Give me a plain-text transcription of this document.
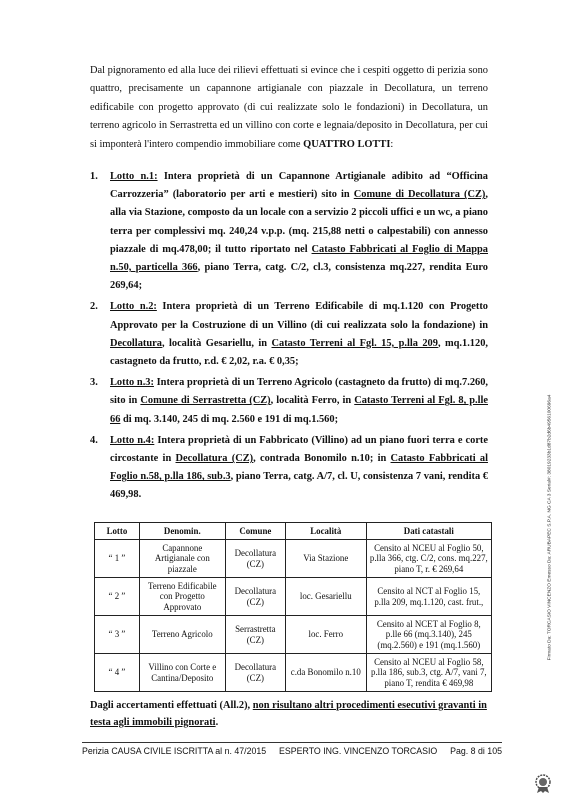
Dal pignoramento ed alla luce dei rilievi effettuati si evince che i cespiti oggetto di perizia sono quattro, precisamente un capannone artigianale con piazzale in Decollatura, un terreno edificabile con progetto approvato (di cui realizzate solo le fondazioni) in Decollatura, un terreno agricolo in Serrastretta ed un villino con corte e legnaia/deposito in Decollatura, per cui si imponterà l'intero compendio immobiliare come QUATTRO LOTTI:
1.	Lotto n.1: Intera proprietà di un Capannone Artigianale adibito ad “Officina Carrozzeria” (laboratorio per arti e mestieri) sito in Comune di Decollatura (CZ), alla via Stazione, composto da un locale con a servizio 2 piccoli uffici e un wc, a piano terra per complessivi mq. 240,24 v.p.p. (mq. 215,88 netti o calpestabili) con annesso piazzale di mq.478,00; il tutto riportato nel Catasto Fabbricati al Foglio di Mappa n.50, particella 366, piano Terra, catg. C/2, cl.3, consistenza mq.227, rendita Euro 269,64;
2.	Lotto n.2: Intera proprietà di un Terreno Edificabile di mq.1.120 con Progetto Approvato per la Costruzione di un Villino (di cui realizzata solo la fondazione) in Decollatura, località Gesariellu, in Catasto Terreni al Fgl. 15, p.lla 209, mq.1.120, castagneto da frutto, r.d. € 2,02, r.a. € 0,35;
3.	Lotto n.3: Intera proprietà di un Terreno Agricolo (castagneto da frutto) di mq.7.260, sito in Comune di Serrastretta (CZ), località Ferro, in Catasto Terreni al Fgl. 8, p.lle 66 di mq. 3.140, 245 di mq. 2.560 e 191 di mq.1.560;
4.	Lotto n.4: Intera proprietà di un Fabbricato (Villino) ad un piano fuori terra e corte circostante in Decollatura (CZ), contrada Bonomilo n.10; in Catasto Fabbricati al Foglio n.58, p.lla 186, sub.3, piano Terra, catg. A/7, cl. U, consistenza 7 vani, rendita € 469,98.
Lotto	Denomin.	Comune	Località	Dati catastali
“ 1 ”	Capannone Artigianale con piazzale	Decollatura (CZ)	Via Stazione	Censito al NCEU al Foglio 50, p.lla 366, ctg. C/2, cons. mq.227, piano T, r. € 269,64
“ 2 ”	Terreno Edificabile con Progetto Approvato	Decollatura (CZ)	loc. Gesariellu	Censito al NCT al Foglio 15, p.lla 209, mq.1.120, cast. frut.,
“ 3 ”	Terreno Agricolo	Serrastretta (CZ)	loc. Ferro	Censito al NCET al Foglio 8, p.lle 66 (mq.3.140), 245 (mq.2.560) e 191 (mq.1.560)
“ 4 ”	Villino con Corte e Cantina/Deposito	Decollatura (CZ)	c.da Bonomilo n.10	Censito al NCEU al Foglio 58, p.lla 186, sub.3, ctg. A/7, vani 7, piano T, rendita € 469,98
Dagli accertamenti effettuati (All.2), non risultano altri procedimenti esecutivi gravanti in testa agli immobili pignorati.
Perizia CAUSA CIVILE ISCRITTA al n. 47/2015 ESPERTO ING. VINCENZO TORCASIO Pag. 8 di 105
Firmato Da: TORCASIO VINCENZO Emesso Da: ARUBAPEC S.P.A. NG CA 3 Serial#: 38019233b1d87b2d6b4956100696a4
